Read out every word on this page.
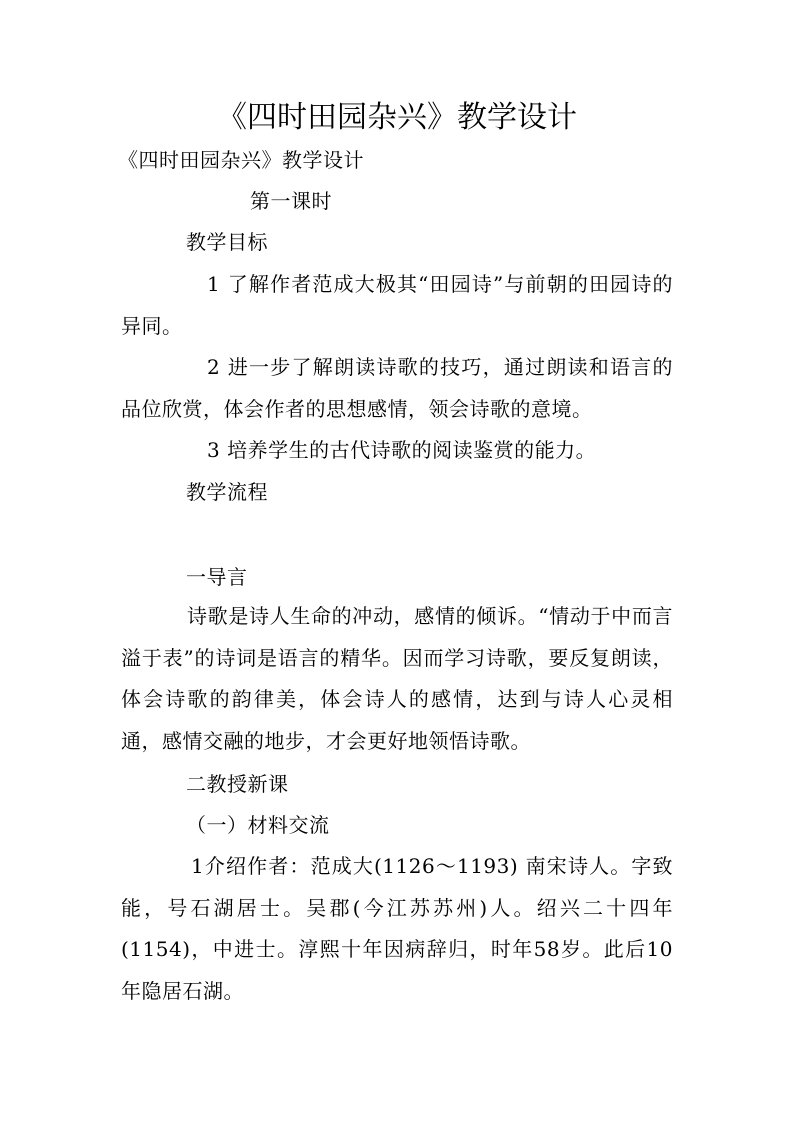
《四时田园杂兴》教学设计
《四时田园杂兴》教学设计
第一课时
教学目标

1 了解作者范成大极其“田园诗”与前朝的田园诗的异同。

2 进一步了解朗读诗歌的技巧，通过朗读和语言的品位欣赏，体会作者的思想感情，领会诗歌的意境。

3 培养学生的古代诗歌的阅读鉴赏的能力。
教学流程
一导言

诗歌是诗人生命的冲动，感情的倾诉。“情动于中而言溢于表”的诗词是语言的精华。因而学习诗歌，要反复朗读，体会诗歌的韵律美，体会诗人的感情，达到与诗人心灵相通，感情交融的地步，才会更好地领悟诗歌。

二教授新课
（一）材料交流

1介绍作者：范成大(1126～1193) 南宋诗人。字致能，号石湖居士。吴郡(今江苏苏州)人。绍兴二十四年(1154)，中进士。淳熙十年因病辞归，时年58岁。此后10年隐居石湖。
